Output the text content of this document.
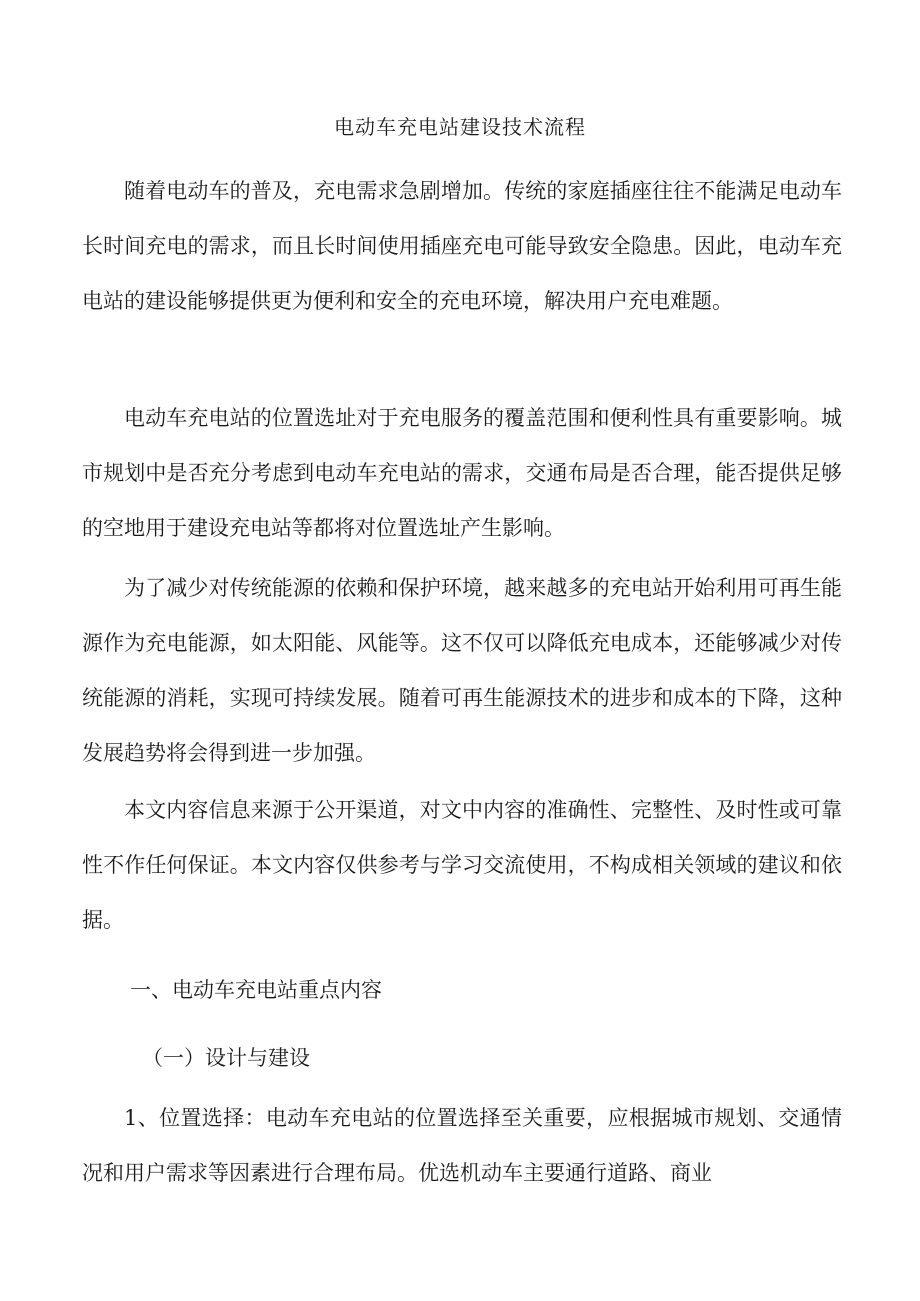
电动车充电站建设技术流程

随着电动车的普及，充电需求急剧增加。传统的家庭插座往往不能满足电动车长时间充电的需求，而且长时间使用插座充电可能导致安全隐患。因此，电动车充电站的建设能够提供更为便利和安全的充电环境，解决用户充电难题。

电动车充电站的位置选址对于充电服务的覆盖范围和便利性具有重要影响。城市规划中是否充分考虑到电动车充电站的需求，交通布局是否合理，能否提供足够的空地用于建设充电站等都将对位置选址产生影响。

为了减少对传统能源的依赖和保护环境，越来越多的充电站开始利用可再生能源作为充电能源，如太阳能、风能等。这不仅可以降低充电成本，还能够减少对传统能源的消耗，实现可持续发展。随着可再生能源技术的进步和成本的下降，这种发展趋势将会得到进一步加强。

本文内容信息来源于公开渠道，对文中内容的准确性、完整性、及时性或可靠性不作任何保证。本文内容仅供参考与学习交流使用，不构成相关领域的建议和依据。

一、电动车充电站重点内容

（一）设计与建设

1、位置选择：电动车充电站的位置选择至关重要，应根据城市规划、交通情况和用户需求等因素进行合理布局。优选机动车主要通行道路、商业
